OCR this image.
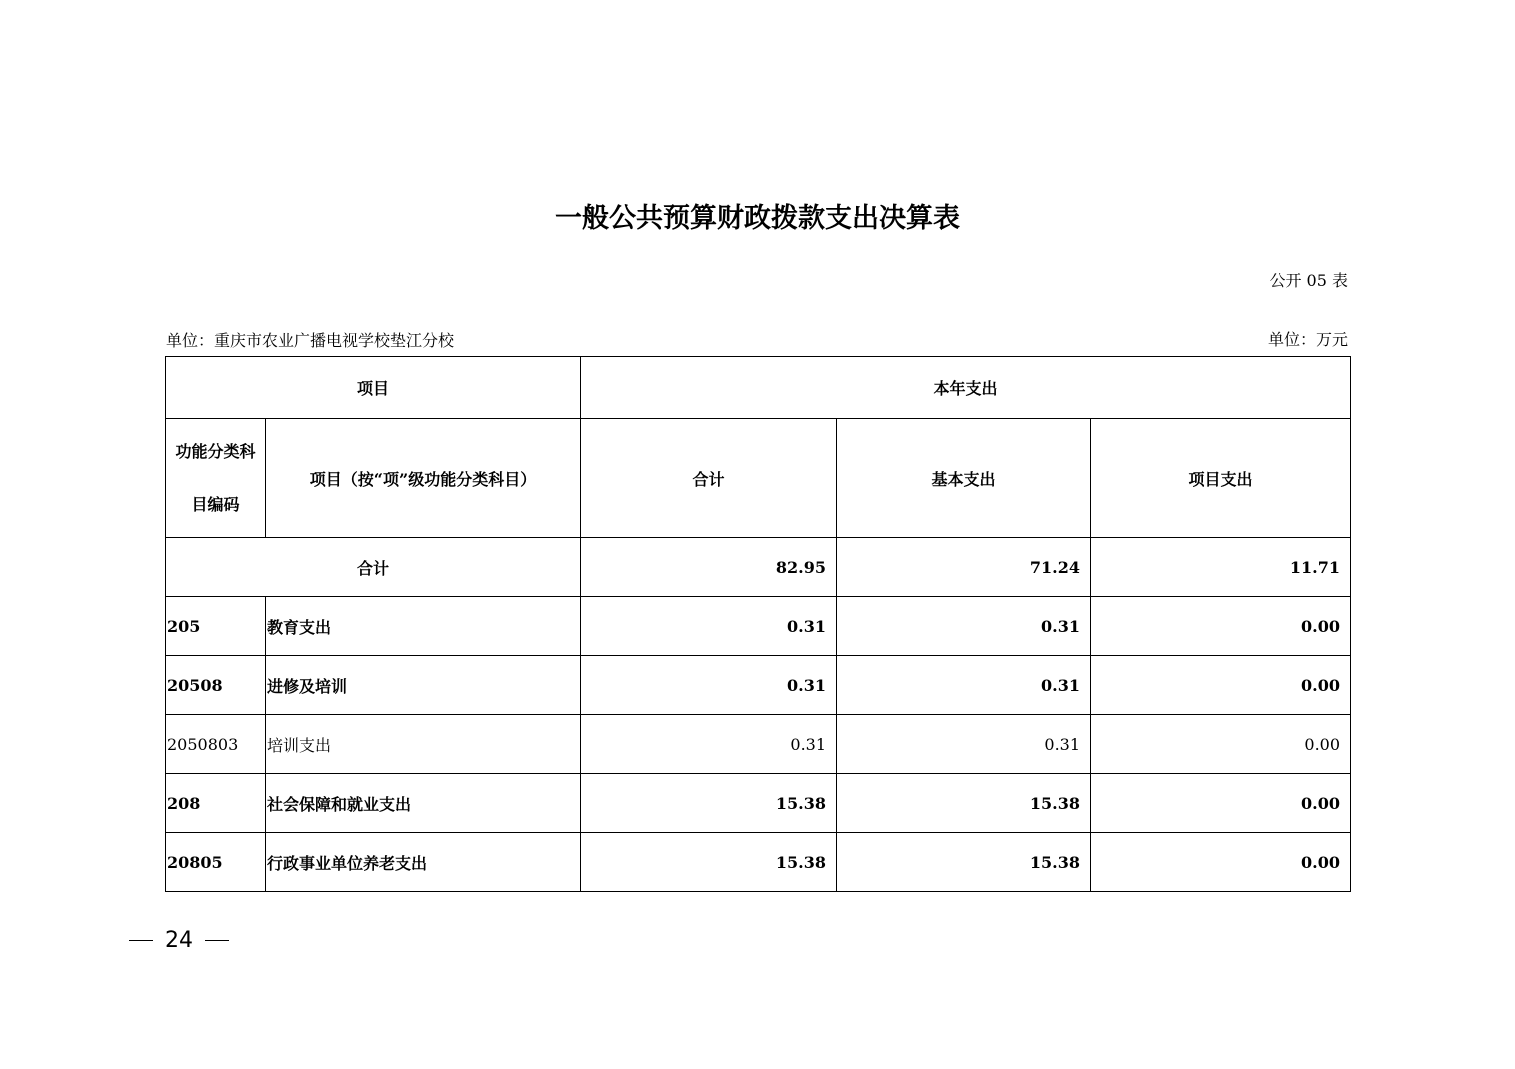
一般公共预算财政拨款支出决算表
公开 05 表
单位：重庆市农业广播电视学校垫江分校	单位：万元
项目		本年支出		

功能分类科
目编码	项目（按“项”级功能分类科目）	合计	基本支出	项目支出
合计		82.95	71.24	11.71
205	教育支出	0.31	0.31	0.00
20508	进修及培训	0.31	0.31	0.00
2050803	培训支出	0.31	0.31	0.00
208	社会保障和就业支出	15.38	15.38	0.00
20805	行政事业单位养老支出	15.38	15.38	0.00
24
